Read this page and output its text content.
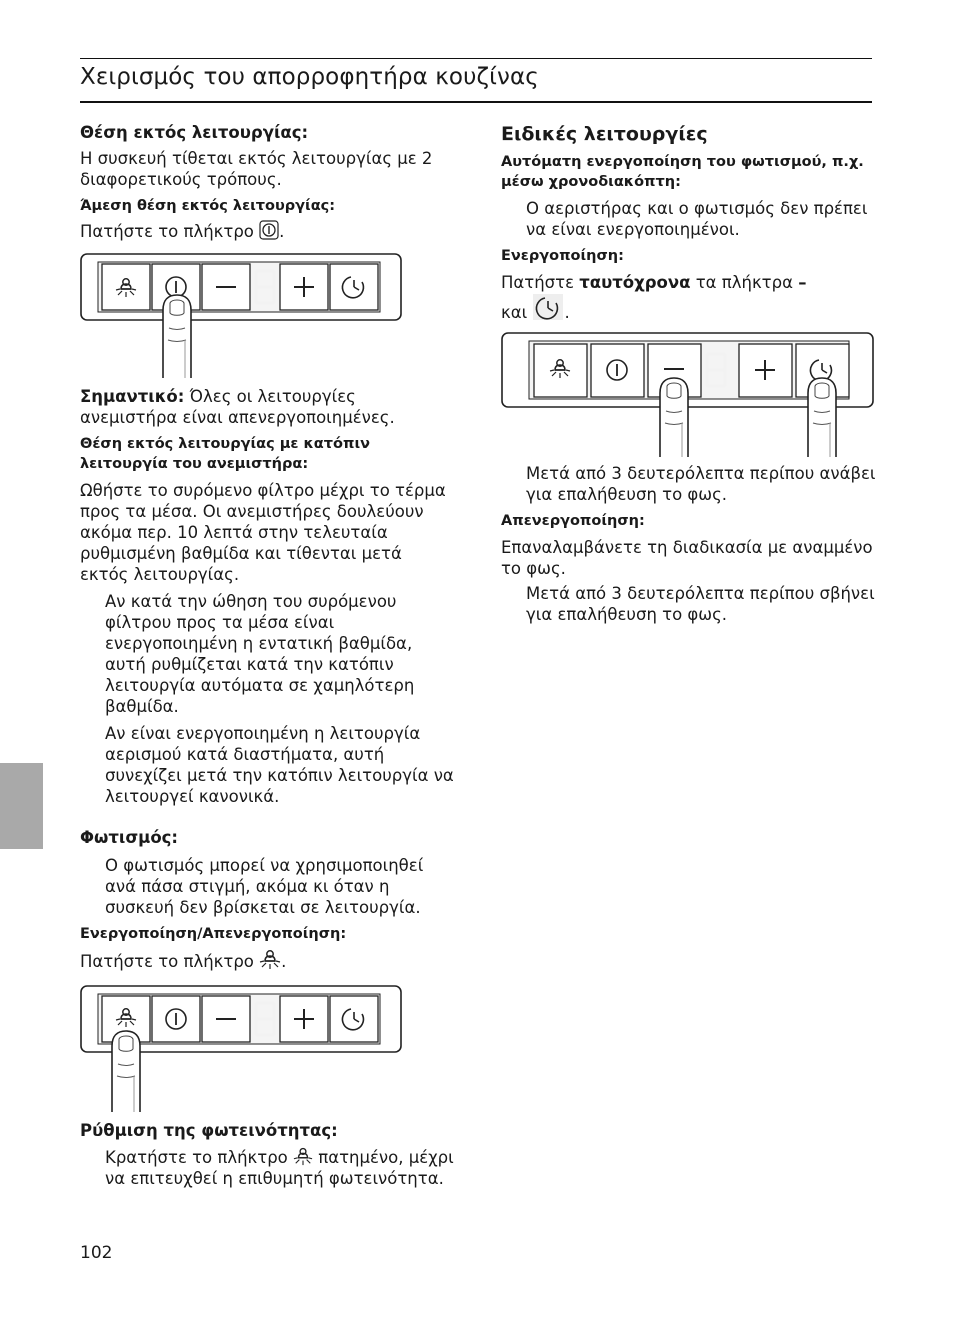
Χειρισμός του απορροφητήρα κουζίνας

Θέση εκτός λειτουργίας:

Η συσκευή τίθεται εκτός λειτουργίας με 2 διαφορετικούς τρόπους.

Άμεση θέση εκτός λειτουργίας:

Πατήστε το πλήκτρο .

Σημαντικό: Όλες οι λειτουργίες ανεμιστήρα είναι απενεργοποιημένες.

Θέση εκτός λειτουργίας με κατόπιν λειτουργία του ανεμιστήρα:

Ωθήστε το συρόμενο φίλτρο μέχρι το τέρμα προς τα μέσα. Οι ανεμιστήρες δουλεύουν ακόμα περ. 10 λεπτά στην τελευταία ρυθμισμένη βαθμίδα και τίθενται μετά εκτός λειτουργίας.

Αν κατά την ώθηση του συρόμενου φίλτρου προς τα μέσα είναι ενεργοποιημένη η εντατική βαθμίδα, αυτή ρυθμίζεται κατά την κατόπιν λειτουργία αυτόματα σε χαμηλότερη βαθμίδα.

Αν είναι ενεργοποιημένη η λειτουργία αερισμού κατά διαστήματα, αυτή συνεχίζει μετά την κατόπιν λειτουργία να λειτουργεί κανονικά.

Φωτισμός:

Ο φωτισμός μπορεί να χρησιμοποιηθεί ανά πάσα στιγμή, ακόμα κι όταν η συσκευή δεν βρίσκεται σε λειτουργία.

Ενεργοποίηση/Απενεργοποίηση:

Πατήστε το πλήκτρο .

Ρύθμιση της φωτεινότητας:

Κρατήστε το πλήκτρο  πατημένο, μέχρι να επιτευχθεί η επιθυμητή φωτεινότητα.

Ειδικές λειτουργίες

Αυτόματη ενεργοποίηση του φωτισμού, π.χ. μέσω χρονοδιακόπτη:

Ο αεριστήρας και ο φωτισμός δεν πρέπει να είναι ενεργοποιημένοι.

Ενεργοποίηση:

Πατήστε ταυτόχρονα τα πλήκτρα –
και .

Μετά από 3 δευτερόλεπτα περίπου ανάβει για επαλήθευση το φως.

Απενεργοποίηση:

Επαναλαμβάνετε τη διαδικασία με αναμμένο το φως.

Μετά από 3 δευτερόλεπτα περίπου σβήνει για επαλήθευση το φως.

102
